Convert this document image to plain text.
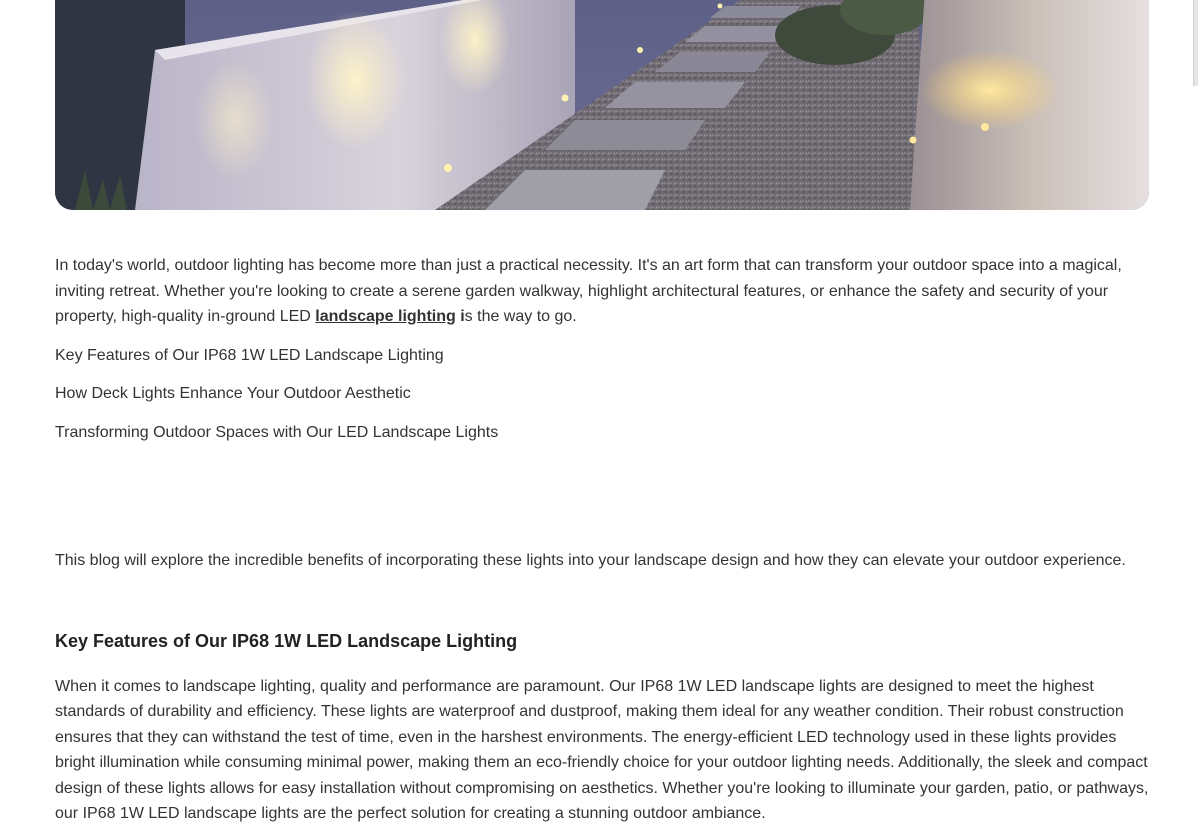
In today's world, outdoor lighting has become more than just a practical necessity. It's an art form that can transform your outdoor space into a magical, inviting retreat. Whether you're looking to create a serene garden walkway, highlight architectural features, or enhance the safety and security of your property, high-quality in-ground LED landscape lighting is the way to go.

Key Features of Our IP68 1W LED Landscape Lighting

How Deck Lights Enhance Your Outdoor Aesthetic

Transforming Outdoor Spaces with Our LED Landscape Lights

This blog will explore the incredible benefits of incorporating these lights into your landscape design and how they can elevate your outdoor experience.

Key Features of Our IP68 1W LED Landscape Lighting

When it comes to landscape lighting, quality and performance are paramount. Our IP68 1W LED landscape lights are designed to meet the highest standards of durability and efficiency. These lights are waterproof and dustproof, making them ideal for any weather condition. Their robust construction ensures that they can withstand the test of time, even in the harshest environments. The energy-efficient LED technology used in these lights provides bright illumination while consuming minimal power, making them an eco-friendly choice for your outdoor lighting needs. Additionally, the sleek and compact design of these lights allows for easy installation without compromising on aesthetics. Whether you're looking to illuminate your garden, patio, or pathways, our IP68 1W LED landscape lights are the perfect solution for creating a stunning outdoor ambiance.
